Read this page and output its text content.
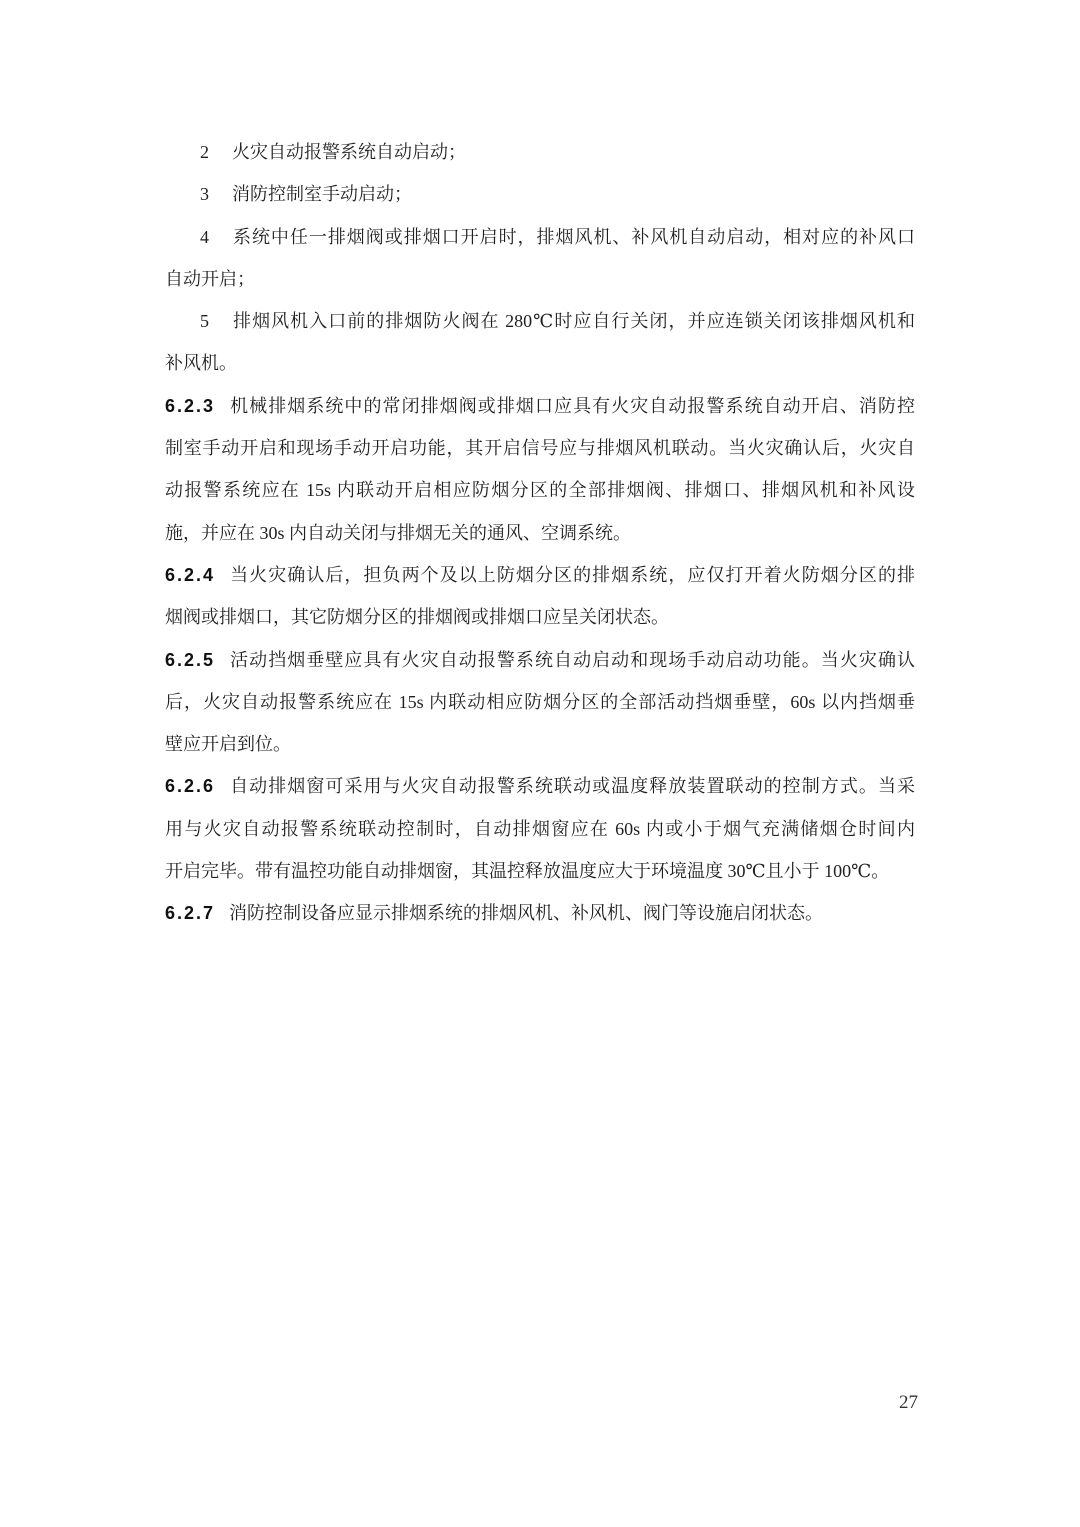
2 火灾自动报警系统自动启动；
3 消防控制室手动启动；
4 系统中任一排烟阀或排烟口开启时，排烟风机、补风机自动启动，相对应的补风口
自动开启；
5 排烟风机入口前的排烟防火阀在 280℃时应自行关闭，并应连锁关闭该排烟风机和
补风机。
6.2.3 机械排烟系统中的常闭排烟阀或排烟口应具有火灾自动报警系统自动开启、消防控
制室手动开启和现场手动开启功能，其开启信号应与排烟风机联动。当火灾确认后，火灾自
动报警系统应在 15s 内联动开启相应防烟分区的全部排烟阀、排烟口、排烟风机和补风设
施，并应在 30s 内自动关闭与排烟无关的通风、空调系统。
6.2.4 当火灾确认后，担负两个及以上防烟分区的排烟系统，应仅打开着火防烟分区的排
烟阀或排烟口，其它防烟分区的排烟阀或排烟口应呈关闭状态。
6.2.5 活动挡烟垂壁应具有火灾自动报警系统自动启动和现场手动启动功能。当火灾确认
后，火灾自动报警系统应在 15s 内联动相应防烟分区的全部活动挡烟垂壁，60s 以内挡烟垂
壁应开启到位。
6.2.6 自动排烟窗可采用与火灾自动报警系统联动或温度释放装置联动的控制方式。当采
用与火灾自动报警系统联动控制时，自动排烟窗应在 60s 内或小于烟气充满储烟仓时间内
开启完毕。带有温控功能自动排烟窗，其温控释放温度应大于环境温度 30℃且小于 100℃。
6.2.7 消防控制设备应显示排烟系统的排烟风机、补风机、阀门等设施启闭状态。
27
